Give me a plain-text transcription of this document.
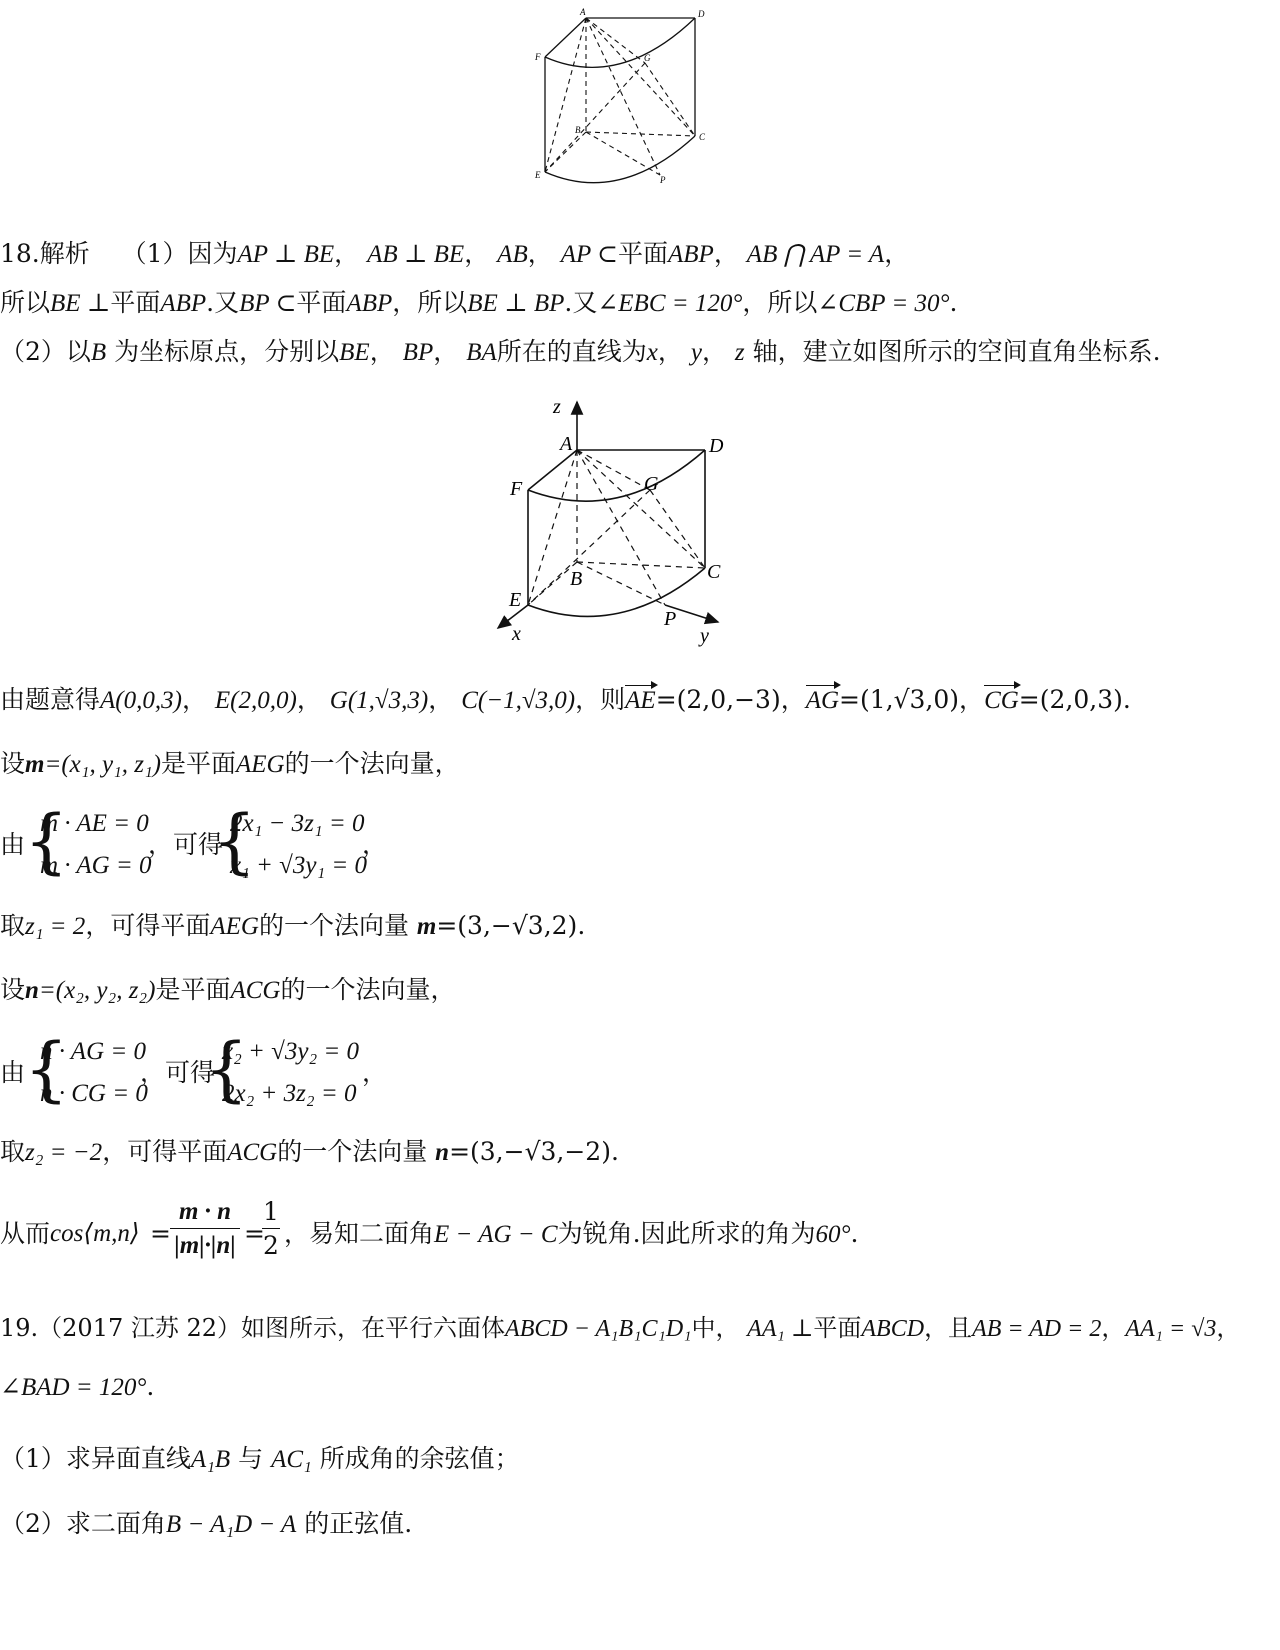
A	D
F	G
B
C
E	P
18.解析 （1）因为AP ⊥ BE， AB ⊥ BE， AB， AP ⊂平面ABP， AB ⋂ AP = A，
所以BE ⊥平面ABP.又BP ⊂平面ABP，所以BE ⊥ BP.又∠EBC = 120°，所以∠CBP = 30°.
（2）以B 为坐标原点，分别以BE， BP， BA所在的直线为x， y， z 轴，建立如图所示的空间直角坐标系.
z
A	D
F	G
B	C
E
P
x	y
由题意得A(0,0,3)， E(2,0,0)， G(1,√3,3)， C(−1,√3,0)，则AE=(2,0,−3)，AG=(1,√3,0)，CG=(2,0,3).
设m=(x₁, y₁, z₁)是平面AEG的一个法向量，
由
{
m · AE = 0
m · AG = 0
，可得
{
2x₁ − 3z₁ = 0
x₁ + √3y₁ = 0
，
取z₁ = 2，可得平面AEG的一个法向量 m=(3,−√3,2).
设n=(x₂, y₂, z₂)是平面ACG的一个法向量，
由
{
n · AG = 0
n · CG = 0
，可得
{
x₂ + √3y₂ = 0
2x₂ + 3z₂ = 0
，
取z₂ = −2，可得平面ACG的一个法向量 n=(3,−√3,−2).
从而 cos⟨m,n⟩ =
m · n
|m|·|n| =
1
2 ，易知二面角E − AG − C为锐角.因此所求的角为60°.
19.（2017 江苏 22）如图所示，在平行六面体ABCD − A₁B₁C₁D₁中， AA₁ ⊥平面ABCD，且AB = AD = 2，AA₁ = √3，
∠BAD = 120°.
（1）求异面直线A₁B 与 AC₁ 所成角的余弦值；
（2）求二面角B − A₁D − A 的正弦值.
